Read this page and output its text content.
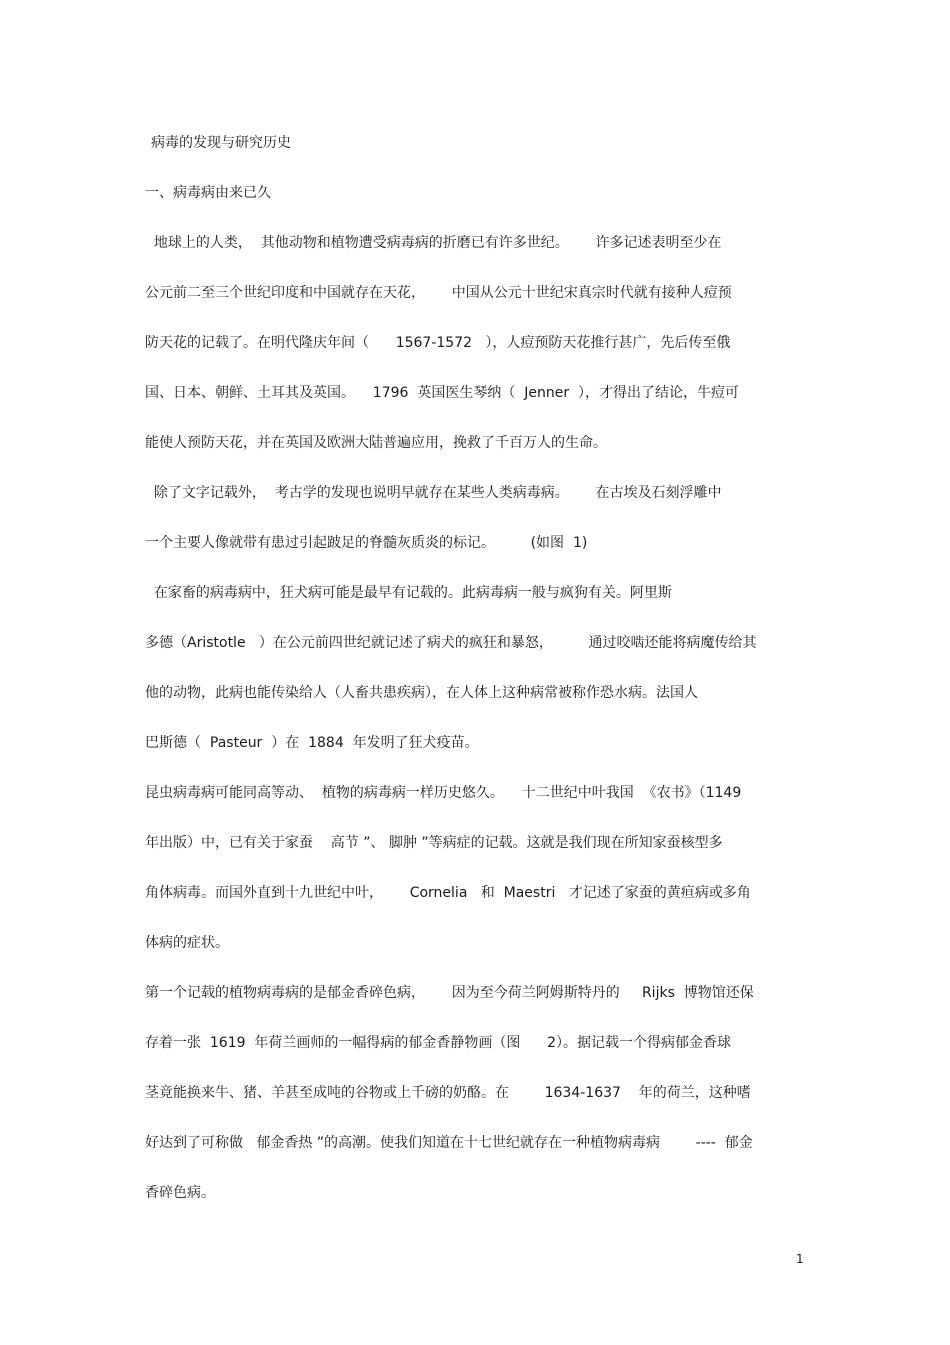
病毒的发现与研究历史
一、病毒病由来已久
地球上的人类，  其他动物和植物遭受病毒病的折磨已有许多世纪。      许多记述表明至少在
公元前二至三个世纪印度和中国就存在天花，      中国从公元十世纪宋真宗时代就有接种人痘预
防天花的记载了。在明代隆庆年间（      1567-1572   ），人痘预防天花推行甚广，先后传至俄
国、日本、朝鲜、土耳其及英国。    1796  英国医生琴纳（  Jenner  ），才得出了结论，牛痘可
能使人预防天花，并在英国及欧洲大陆普遍应用，挽救了千百万人的生命。
除了文字记载外，  考古学的发现也说明早就存在某些人类病毒病。      在古埃及石刻浮雕中
一个主要人像就带有患过引起跛足的脊髓灰质炎的标记。        (如图  1)
在家畜的病毒病中，狂犬病可能是最早有记载的。此病毒病一般与疯狗有关。阿里斯
多德（Aristotle   ）在公元前四世纪就记述了病犬的疯狂和暴怒，        通过咬啮还能将病魔传给其
他的动物，此病也能传染给人（人畜共患疾病），在人体上这种病常被称作恐水病。法国人
巴斯德（  Pasteur  ）在  1884  年发明了狂犬疫苗。
昆虫病毒病可能同高等动、  植物的病毒病一样历史悠久。    十二世纪中叶我国  《农书》（1149
年出版）中，已有关于家蚕    高节 ”、 脚肿 ”等病症的记载。这就是我们现在所知家蚕核型多
角体病毒。而国外直到十九世纪中叶，      Cornelia   和  Maestri   才记述了家蚕的黄疸病或多角
体病的症状。
第一个记载的植物病毒病的是郁金香碎色病，      因为至今荷兰阿姆斯特丹的     Rijks  博物馆还保
存着一张  1619  年荷兰画师的一幅得病的郁金香静物画（图      2）。据记载一个得病郁金香球
茎竟能换来牛、猪、羊甚至成吨的谷物或上千磅的奶酪。在        1634-1637    年的荷兰，这种嗜
好达到了可称做   郁金香热 ”的高潮。使我们知道在十七世纪就存在一种植物病毒病        ----  郁金
香碎色病。
1
